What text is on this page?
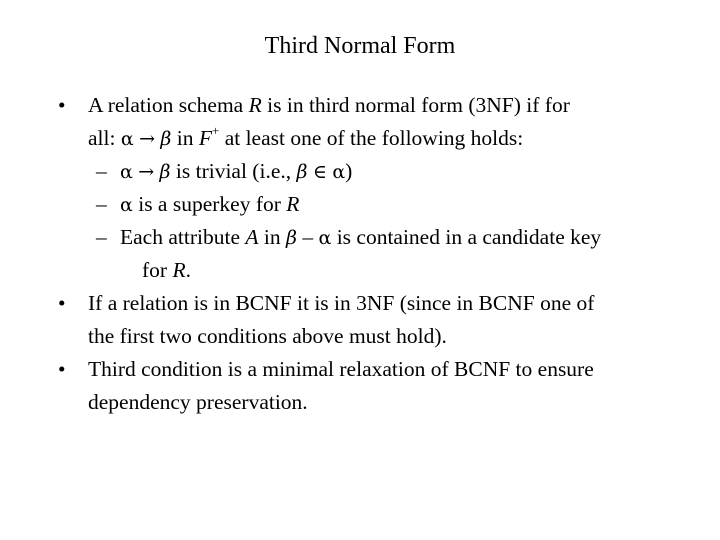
Third Normal Form
• A relation schema R is in third normal form (3NF) if for
all: α → β in F+ at least one of the following holds:
– α → β is trivial (i.e., β ∈ α)
– α is a superkey for R
– Each attribute A in β – α is contained in a candidate key
for R.
• If a relation is in BCNF it is in 3NF (since in BCNF one of
the first two conditions above must hold).
• Third condition is a minimal relaxation of BCNF to ensure
dependency preservation.
